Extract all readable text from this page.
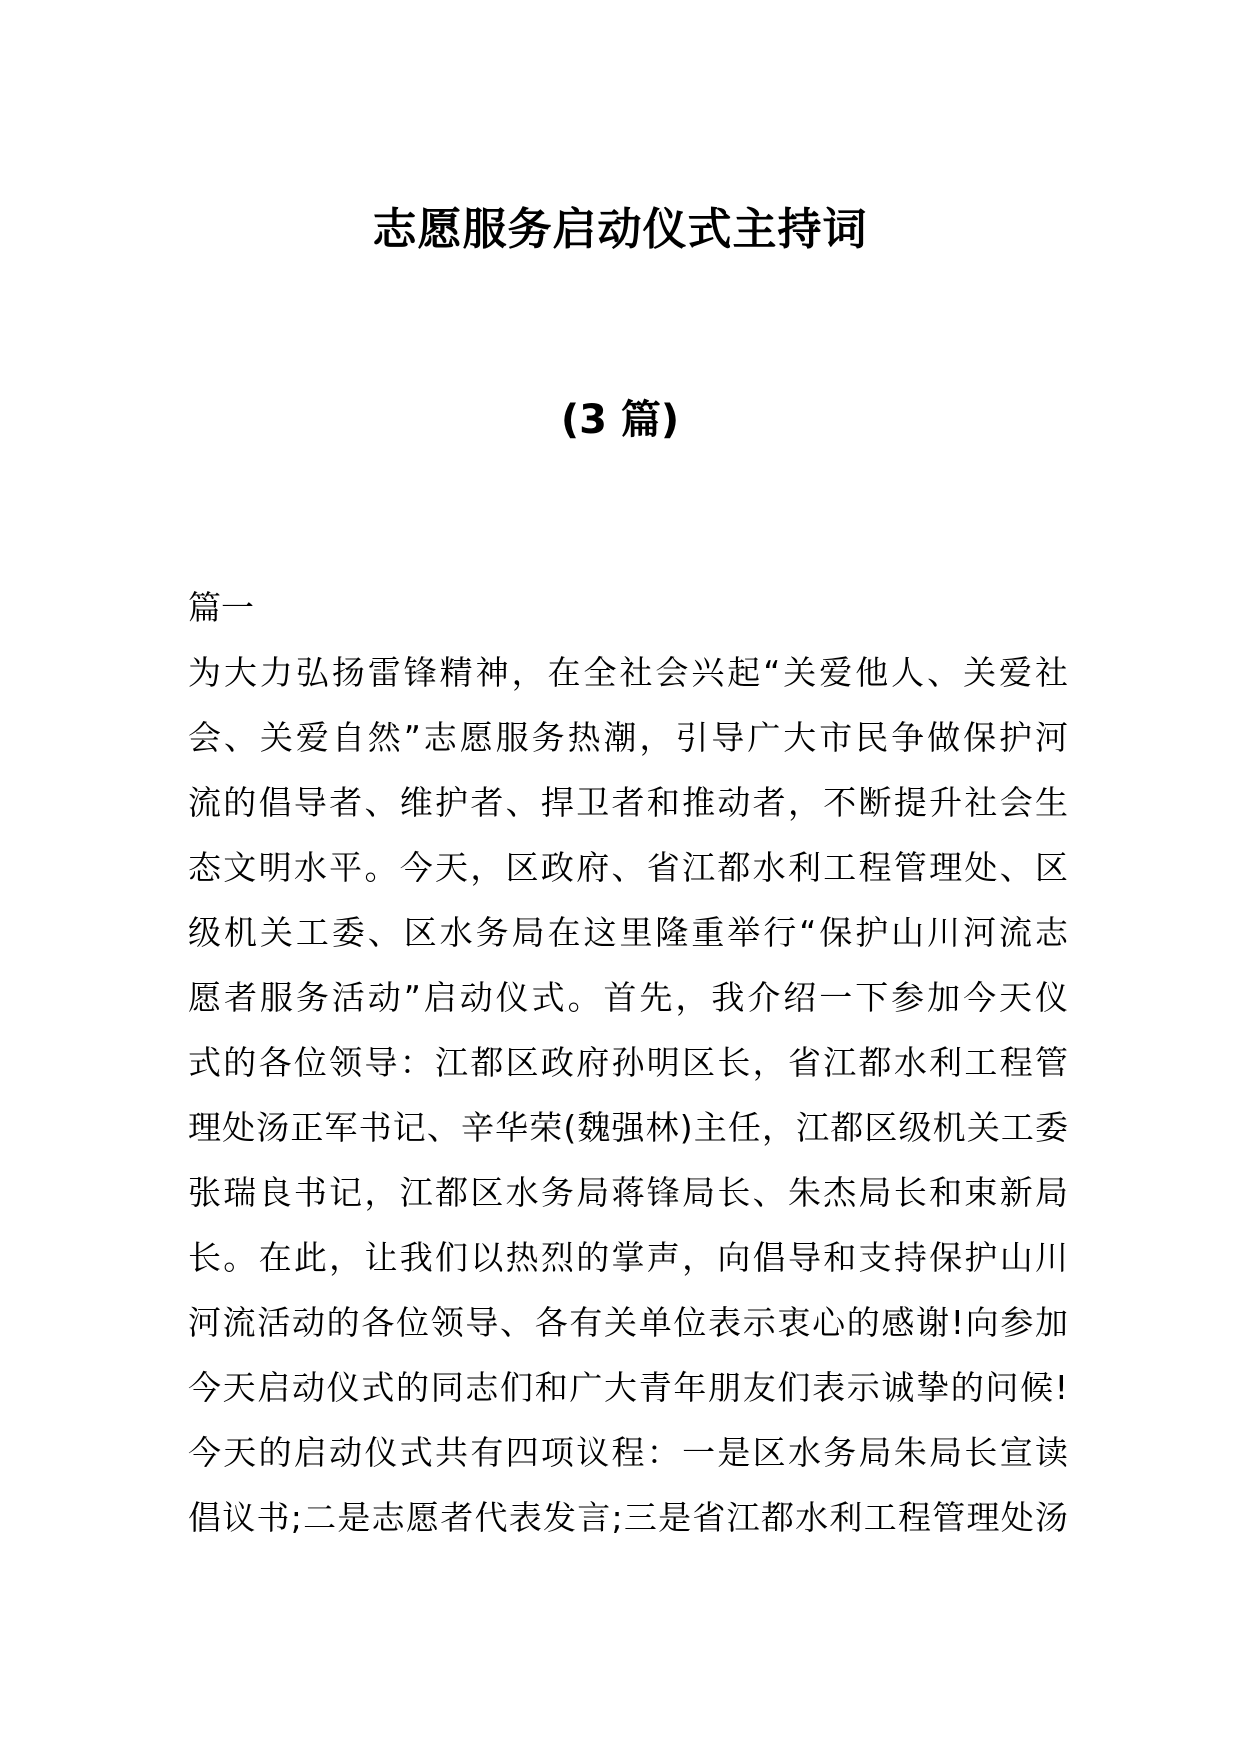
志愿服务启动仪式主持词
(3 篇)
篇一
为大力弘扬雷锋精神，在全社会兴起“关爱他人、关爱社
会、关爱自然”志愿服务热潮，引导广大市民争做保护河
流的倡导者、维护者、捍卫者和推动者，不断提升社会生
态文明水平。今天，区政府、省江都水利工程管理处、区
级机关工委、区水务局在这里隆重举行“保护山川河流志
愿者服务活动”启动仪式。首先，我介绍一下参加今天仪
式的各位领导：江都区政府孙明区长，省江都水利工程管
理处汤正军书记、辛华荣(魏强林)主任，江都区级机关工委
张瑞良书记，江都区水务局蒋锋局长、朱杰局长和束新局
长。在此，让我们以热烈的掌声，向倡导和支持保护山川
河流活动的各位领导、各有关单位表示衷心的感谢!向参加
今天启动仪式的同志们和广大青年朋友们表示诚挚的问候!
今天的启动仪式共有四项议程：一是区水务局朱局长宣读
倡议书;二是志愿者代表发言;三是省江都水利工程管理处汤
